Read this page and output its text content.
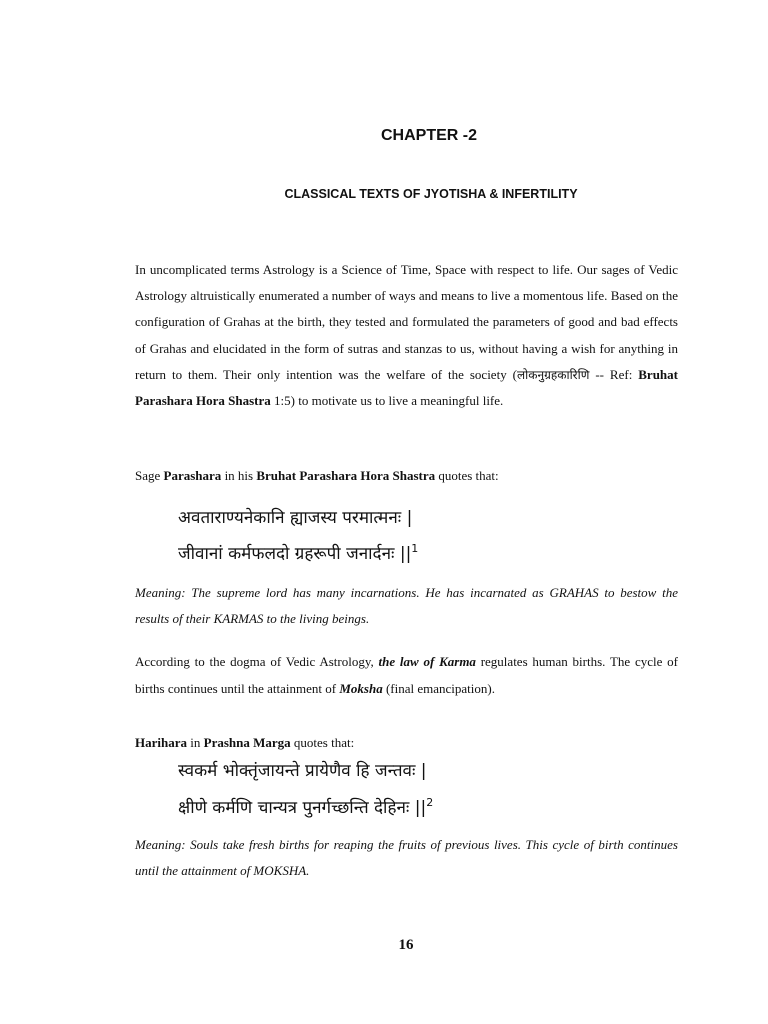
CHAPTER -2
CLASSICAL TEXTS OF JYOTISHA & INFERTILITY

In uncomplicated terms Astrology is a Science of Time, Space with respect to life. Our sages of Vedic Astrology altruistically enumerated a number of ways and means to live a momentous life. Based on the configuration of Grahas at the birth, they tested and formulated the parameters of good and bad effects of Grahas and elucidated in the form of sutras and stanzas to us, without having a wish for anything in return to them. Their only intention was the welfare of the society (लोकनुग्रहकारिणि -- Ref: Bruhat Parashara Hora Shastra 1:5) to motivate us to live a meaningful life.

Sage Parashara in his Bruhat Parashara Hora Shastra quotes that:

अवताराण्यनेकानि ह्याजस्य परमात्मनः |
जीवानां कर्मफलदो ग्रहरूपी जनार्दनः $||^1$

Meaning: The supreme lord has many incarnations. He has incarnated as GRAHAS to bestow the results of their KARMAS to the living beings.

According to the dogma of Vedic Astrology, the law of Karma regulates human births. The cycle of births continues until the attainment of Moksha (final emancipation).

Harihara in Prashna Marga quotes that:

स्वकर्म भोक्तृंजायन्ते प्रायेणैव हि जन्तवः |
क्षीणे कर्मणि चान्यत्र पुनर्गच्छन्ति देहिनः $||^2$

Meaning: Souls take fresh births for reaping the fruits of previous lives. This cycle of birth continues until the attainment of MOKSHA.

16
